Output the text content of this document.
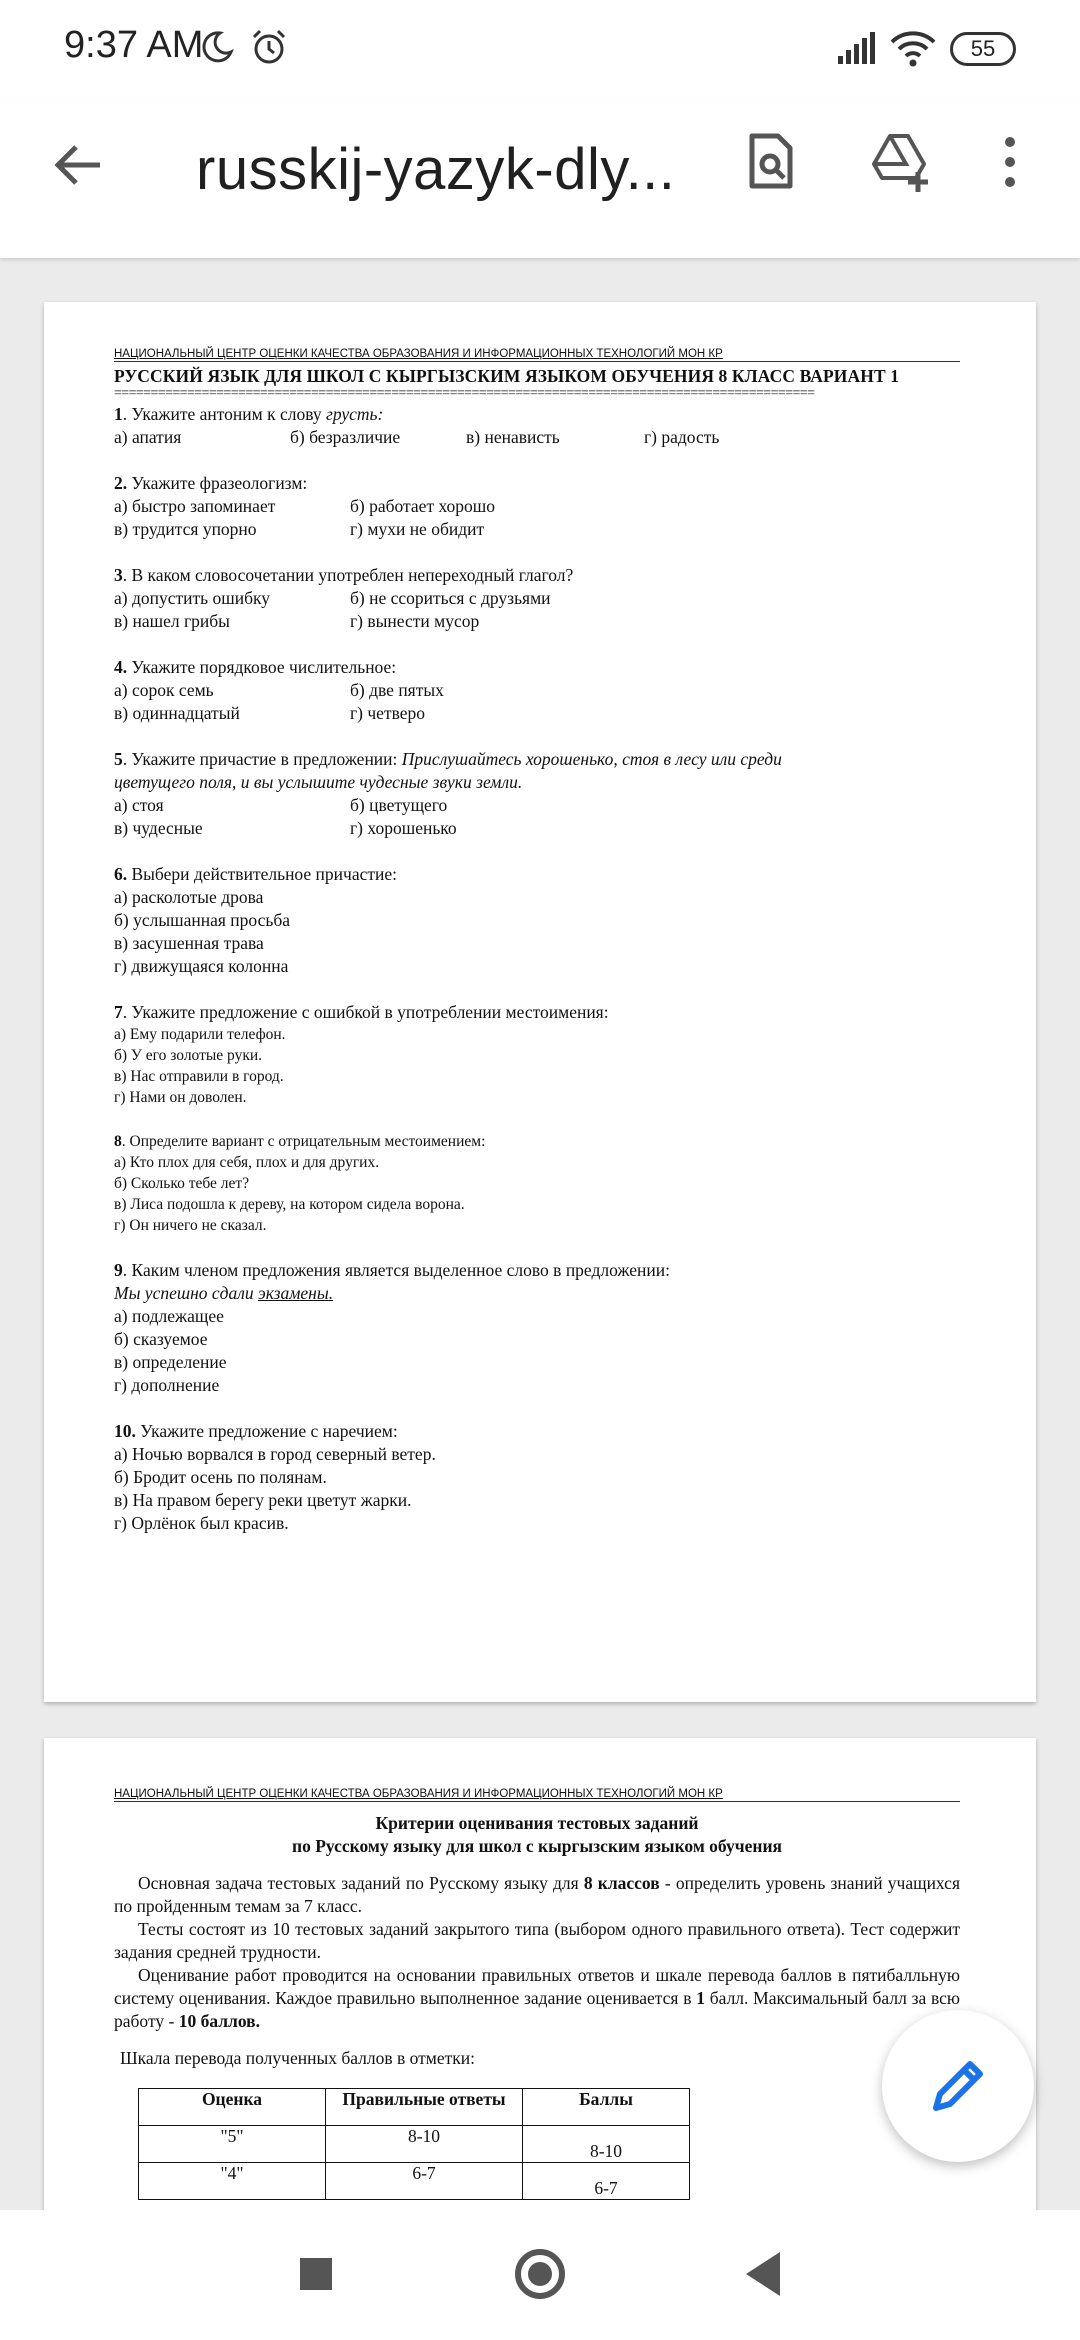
9:37 AM	55
russkij-yazyk-dly...
НАЦИОНАЛЬНЫЙ ЦЕНТР ОЦЕНКИ КАЧЕСТВА ОБРАЗОВАНИЯ И ИНФОРМАЦИОННЫХ ТЕХНОЛОГИЙ МОН КР
РУССКИЙ ЯЗЫК ДЛЯ ШКОЛ С КЫРГЫЗСКИМ ЯЗЫКОМ ОБУЧЕНИЯ 8 КЛАСС ВАРИАНТ 1
================================================================================================
1. Укажите антоним к слову грусть:
а) апатия	б) безразличие	в) ненависть	г) радость
2. Укажите фразеологизм:
а) быстро запоминает	б) работает хорошо
в) трудится упорно	г) мухи не обидит
3. В каком словосочетании употреблен непереходный глагол?
а) допустить ошибку	б) не ссориться с друзьями
в) нашел грибы	г) вынести мусор
4. Укажите порядковое числительное:
а) сорок семь	б) две пятых
в) одиннадцатый	г) четверо
5. Укажите причастие в предложении: Прислушайтесь хорошенько, стоя в лесу или среди
цветущего поля, и вы услышите чудесные звуки земли.
а) стоя	б) цветущего
в) чудесные	г) хорошенько
6. Выбери действительное причастие:
а) расколотые дрова
б) услышанная просьба
в) засушенная трава
г) движущаяся колонна
7. Укажите предложение с ошибкой в употреблении местоимения:
а) Ему подарили телефон.
б) У его золотые руки.
в) Нас отправили в город.
г) Нами он доволен.
8. Определите вариант с отрицательным местоимением:
а) Кто плох для себя, плох и для других.
б) Сколько тебе лет?
в) Лиса подошла к дереву, на котором сидела ворона.
г) Он ничего не сказал.
9. Каким членом предложения является выделенное слово в предложении:
Мы успешно сдали экзамены.
а) подлежащее
б) сказуемое
в) определение
г) дополнение
10. Укажите предложение с наречием:
а) Ночью ворвался в город северный ветер.
б) Бродит осень по полянам.
в) На правом берегу реки цветут жарки.
г) Орлёнок был красив.
НАЦИОНАЛЬНЫЙ ЦЕНТР ОЦЕНКИ КАЧЕСТВА ОБРАЗОВАНИЯ И ИНФОРМАЦИОННЫХ ТЕХНОЛОГИЙ МОН КР
Критерии оценивания тестовых заданий
по Русскому языку для школ с кыргызским языком обучения
Основная задача тестовых заданий по Русскому языку для 8 классов - определить уровень знаний учащихся по пройденным темам за 7 класс.
Тесты состоят из 10 тестовых заданий закрытого типа (выбором одного правильного ответа). Тест содержит задания средней трудности.
Оценивание работ проводится на основании правильных ответов и шкале перевода баллов в пятибалльную систему оценивания. Каждое правильно выполненное задание оценивается в 1 балл. Максимальный балл за всю работу - 10 баллов.
Шкала перевода полученных баллов в отметки:
Оценка	Правильные ответы	Баллы
"5"	8-10	8-10
"4"	6-7	6-7
